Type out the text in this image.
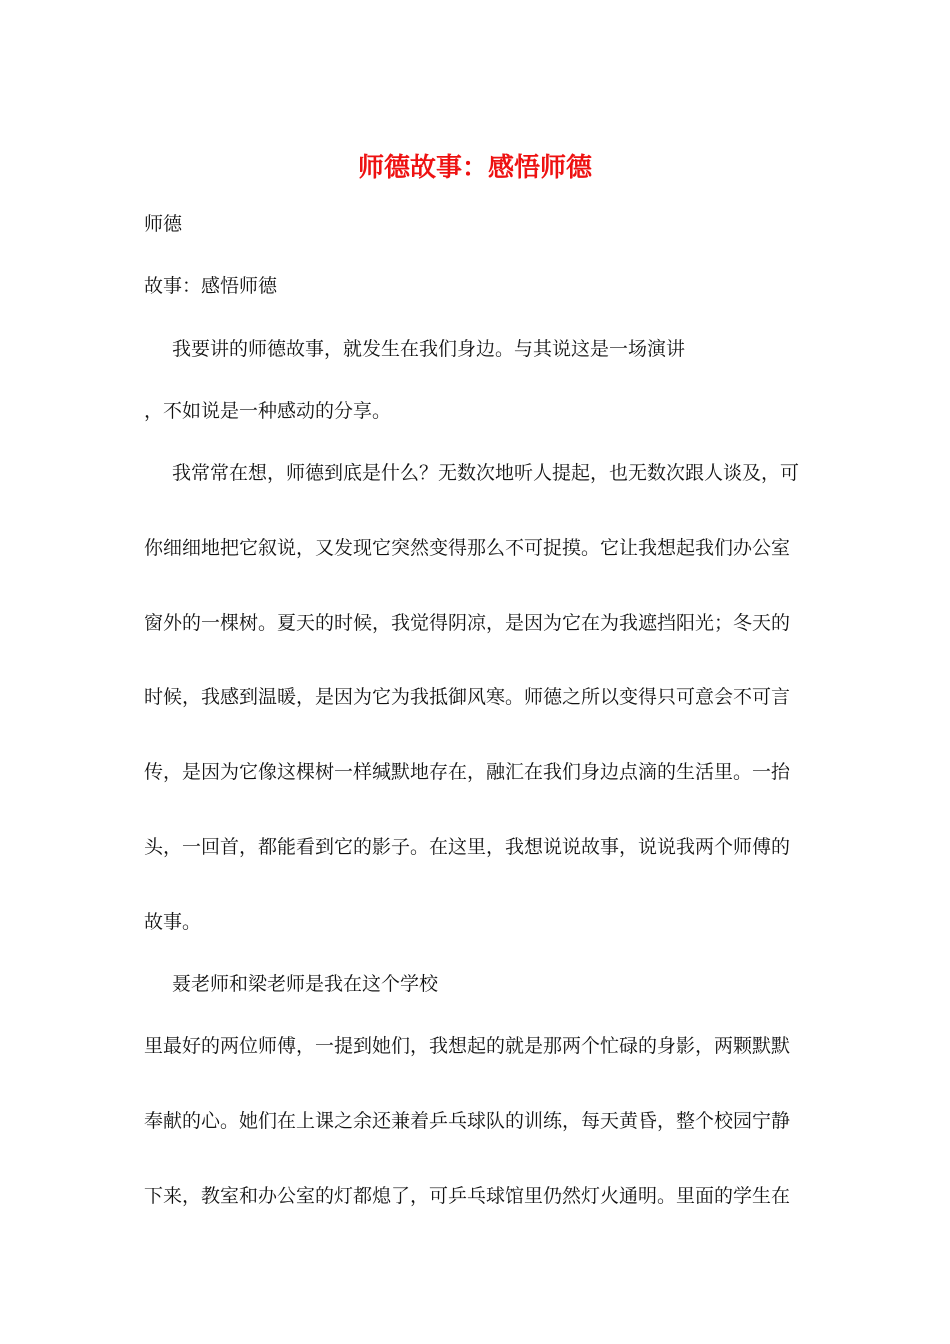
师德故事：感悟师德
师德
故事：感悟师德
我要讲的师德故事，就发生在我们身边。与其说这是一场演讲
，不如说是一种感动的分享。
我常常在想，师德到底是什么？无数次地听人提起，也无数次跟人谈及，可
你细细地把它叙说，又发现它突然变得那么不可捉摸。它让我想起我们办公室
窗外的一棵树。夏天的时候，我觉得阴凉，是因为它在为我遮挡阳光；冬天的
时候，我感到温暖，是因为它为我抵御风寒。师德之所以变得只可意会不可言
传，是因为它像这棵树一样缄默地存在，融汇在我们身边点滴的生活里。一抬
头，一回首，都能看到它的影子。在这里，我想说说故事，说说我两个师傅的
故事。
聂老师和梁老师是我在这个学校
里最好的两位师傅，一提到她们，我想起的就是那两个忙碌的身影，两颗默默
奉献的心。她们在上课之余还兼着乒乓球队的训练，每天黄昏，整个校园宁静
下来，教室和办公室的灯都熄了，可乒乓球馆里仍然灯火通明。里面的学生在
